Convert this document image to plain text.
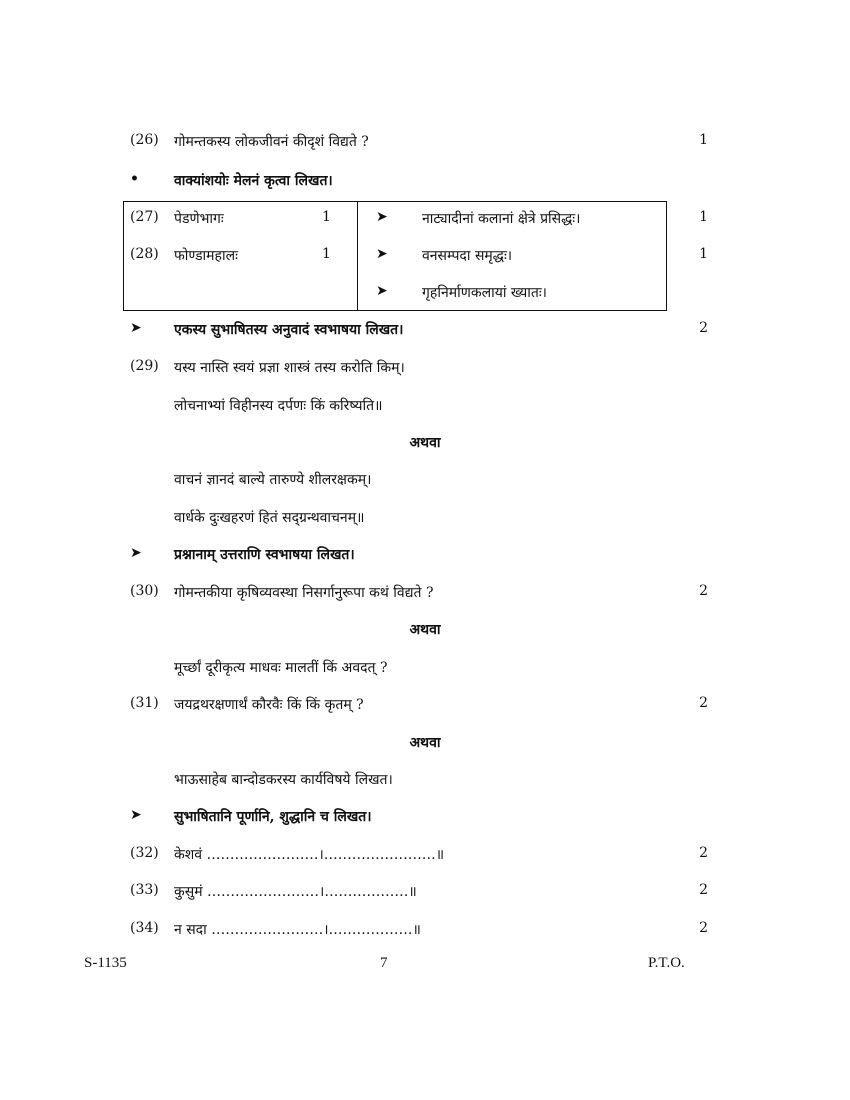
(26) गोमन्तकस्य लोकजीवनं कीदृशं विद्यते ?	1
•	वाक्यांशयोः मेलनं कृत्वा लिखत।
(27) पेडणेभागः	1	➤ नाट्यादीनां कलानां क्षेत्रे प्रसिद्धः।	1
(28) फोण्डामहालः	1	➤ वनसम्पदा समृद्धः।	1
➤ गृहनिर्माणकलायां ख्यातः।
➤ एकस्य सुभाषितस्य अनुवादं स्वभाषया लिखत।	2
(29) यस्य नास्ति स्वयं प्रज्ञा शास्त्रं तस्य करोति किम्।
लोचनाभ्यां विहीनस्य दर्पणः किं करिष्यति॥
अथवा
वाचनं ज्ञानदं बाल्ये तारुण्ये शीलरक्षकम्।
वार्धके दुःखहरणं हितं सद्ग्रन्थवाचनम्॥
➤ प्रश्नानाम् उत्तराणि स्वभाषया लिखत।
(30) गोमन्तकीया कृषिव्यवस्था निसर्गानुरूपा कथं विद्यते ?	2
अथवा
मूर्च्छां दूरीकृत्य माधवः मालतीं किं अवदत् ?
(31) जयद्रथरक्षणार्थं कौरवैः किं किं कृतम् ?	2
अथवा
भाऊसाहेब बान्दोडकरस्य कार्यविषये लिखत।
➤ सुभाषितानि पूर्णानि, शुद्धानि च लिखत।
(32) केशवं ……………………।……………………॥	2
(33) कुसुमं ……………………।………………॥	2
(34) न सदा ……………………।………………॥	2
S-1135	7	P.T.O.
